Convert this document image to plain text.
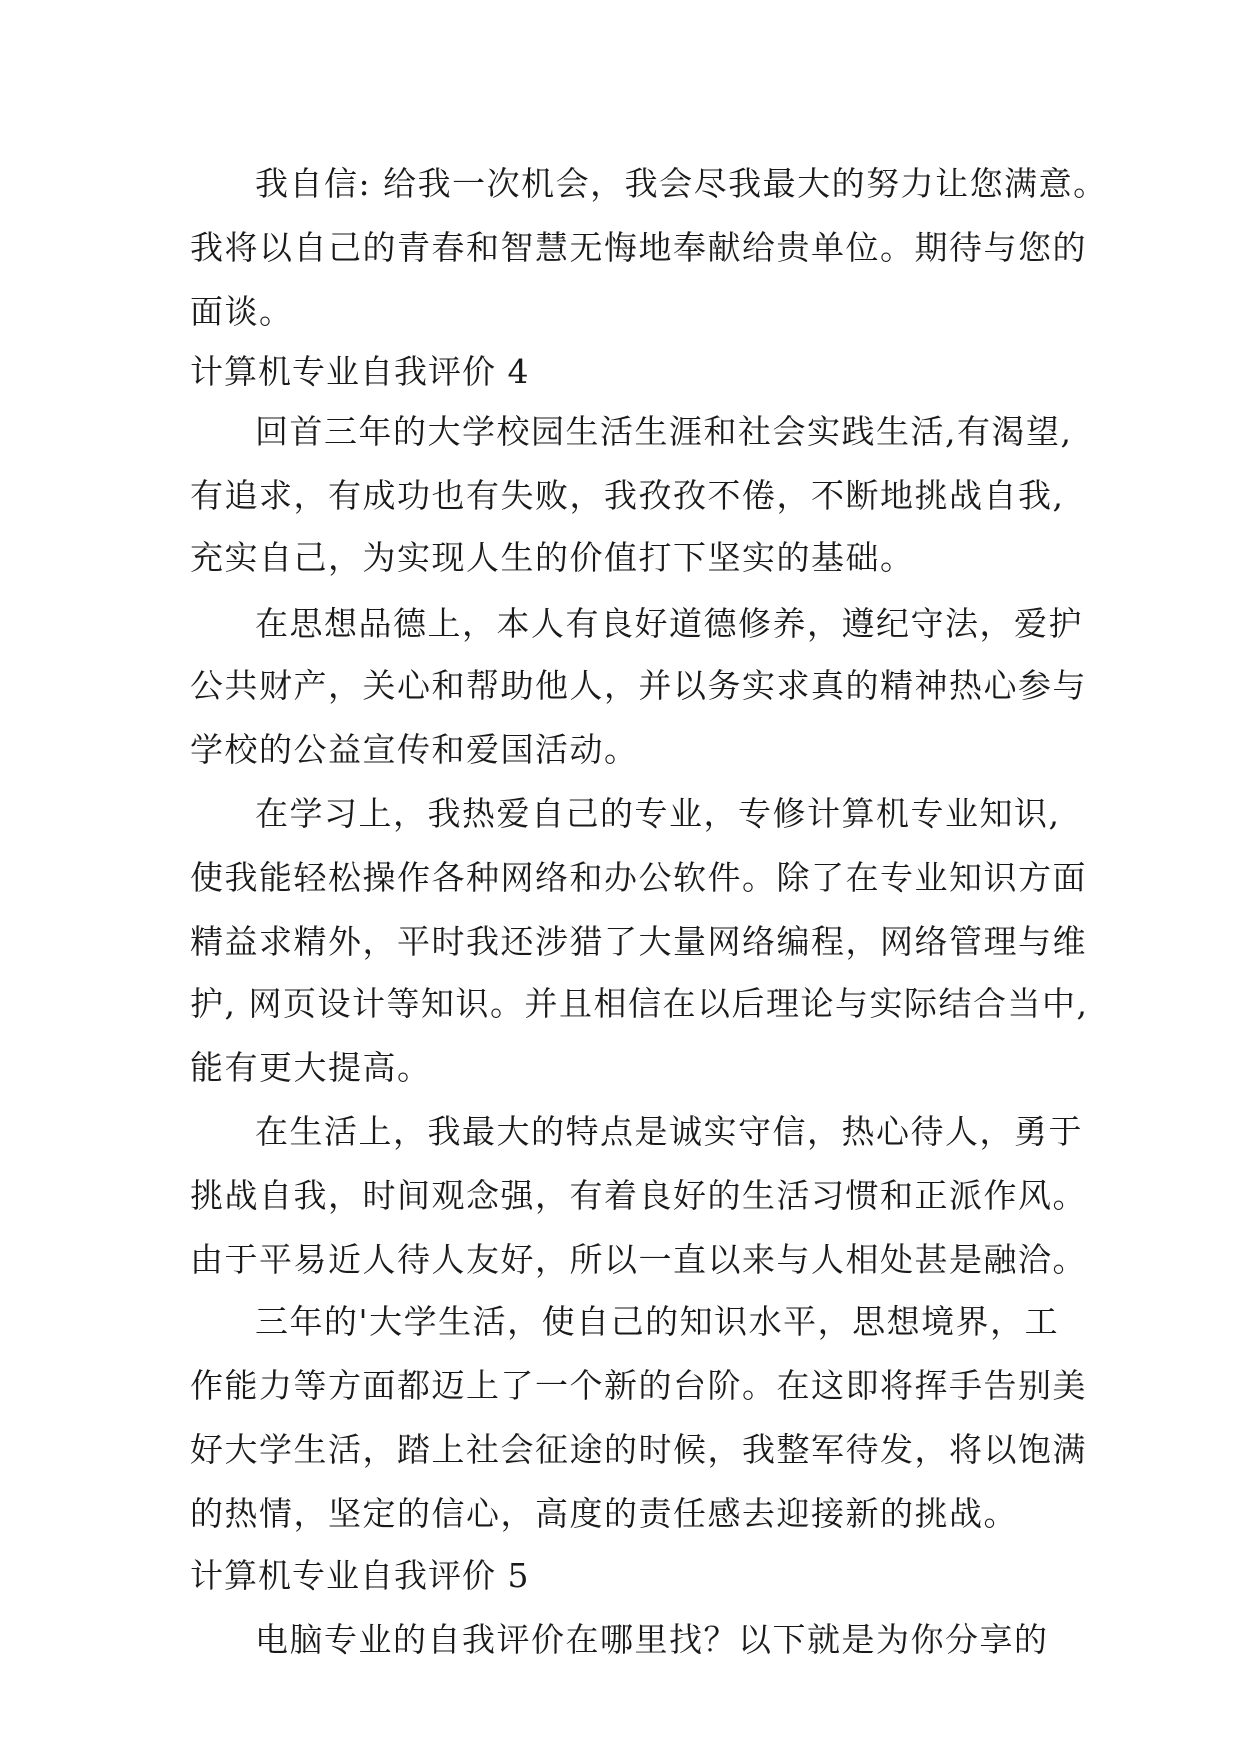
我自信: 给我一次机会，我会尽我最大的努力让您满意。
我将以自己的青春和智慧无悔地奉献给贵单位。期待与您的
面谈。
计算机专业自我评价 4
回首三年的大学校园生活生涯和社会实践生活,有渴望,
有追求，有成功也有失败，我孜孜不倦，不断地挑战自我,
充实自己，为实现人生的价值打下坚实的基础。
在思想品德上，本人有良好道德修养，遵纪守法，爱护
公共财产，关心和帮助他人，并以务实求真的精神热心参与
学校的公益宣传和爱国活动。
在学习上，我热爱自己的专业，专修计算机专业知识,
使我能轻松操作各种网络和办公软件。除了在专业知识方面
精益求精外，平时我还涉猎了大量网络编程，网络管理与维
护, 网页设计等知识。并且相信在以后理论与实际结合当中,
能有更大提高。
在生活上，我最大的特点是诚实守信，热心待人，勇于
挑战自我，时间观念强，有着良好的生活习惯和正派作风。
由于平易近人待人友好，所以一直以来与人相处甚是融洽。
三年的'大学生活，使自己的知识水平，思想境界，工
作能力等方面都迈上了一个新的台阶。在这即将挥手告别美
好大学生活，踏上社会征途的时候，我整军待发，将以饱满
的热情，坚定的信心，高度的责任感去迎接新的挑战。
计算机专业自我评价 5
电脑专业的自我评价在哪里找？以下就是为你分享的
